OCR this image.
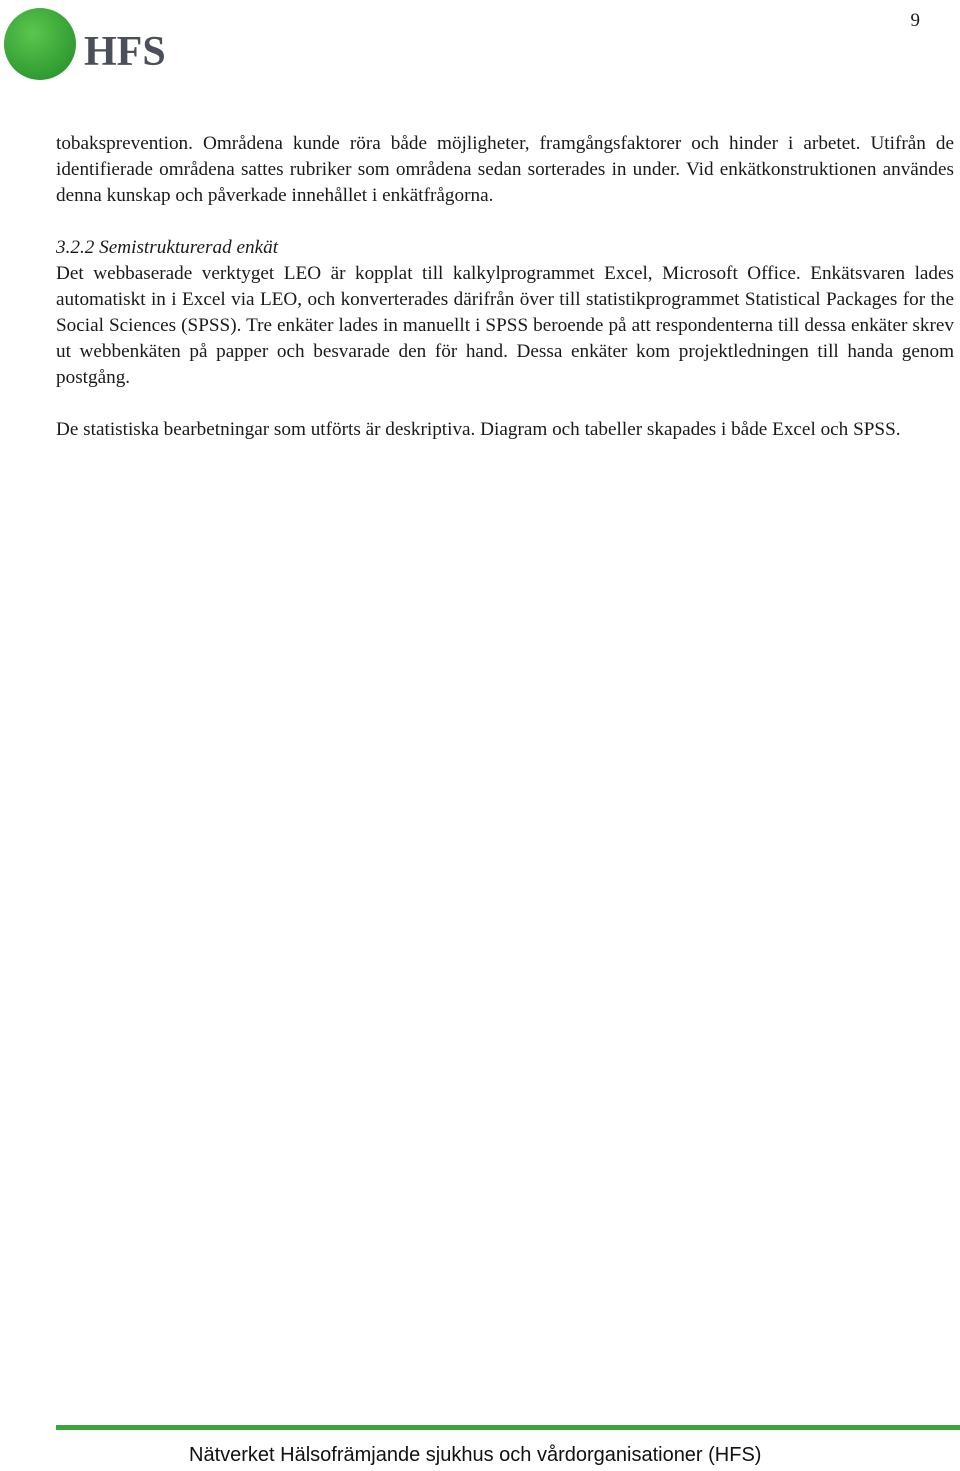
HFS
9

tobaksprevention. Områdena kunde röra både möjligheter, framgångsfaktorer och hinder i arbetet. Utifrån de identifierade områdena sattes rubriker som områdena sedan sorterades in under. Vid enkätkonstruktionen användes denna kunskap och påverkade innehållet i enkätfrågorna.

3.2.2 Semistrukturerad enkät

Det webbaserade verktyget LEO är kopplat till kalkylprogrammet Excel, Microsoft Office. Enkätsvaren lades automatiskt in i Excel via LEO, och konverterades därifrån över till statistikprogrammet Statistical Packages for the Social Sciences (SPSS). Tre enkäter lades in manuellt i SPSS beroende på att respondenterna till dessa enkäter skrev ut webbenkäten på papper och besvarade den för hand. Dessa enkäter kom projektledningen till handa genom postgång.

De statistiska bearbetningar som utförts är deskriptiva. Diagram och tabeller skapades i både Excel och SPSS.

Nätverket Hälsofrämjande sjukhus och vårdorganisationer (HFS)
